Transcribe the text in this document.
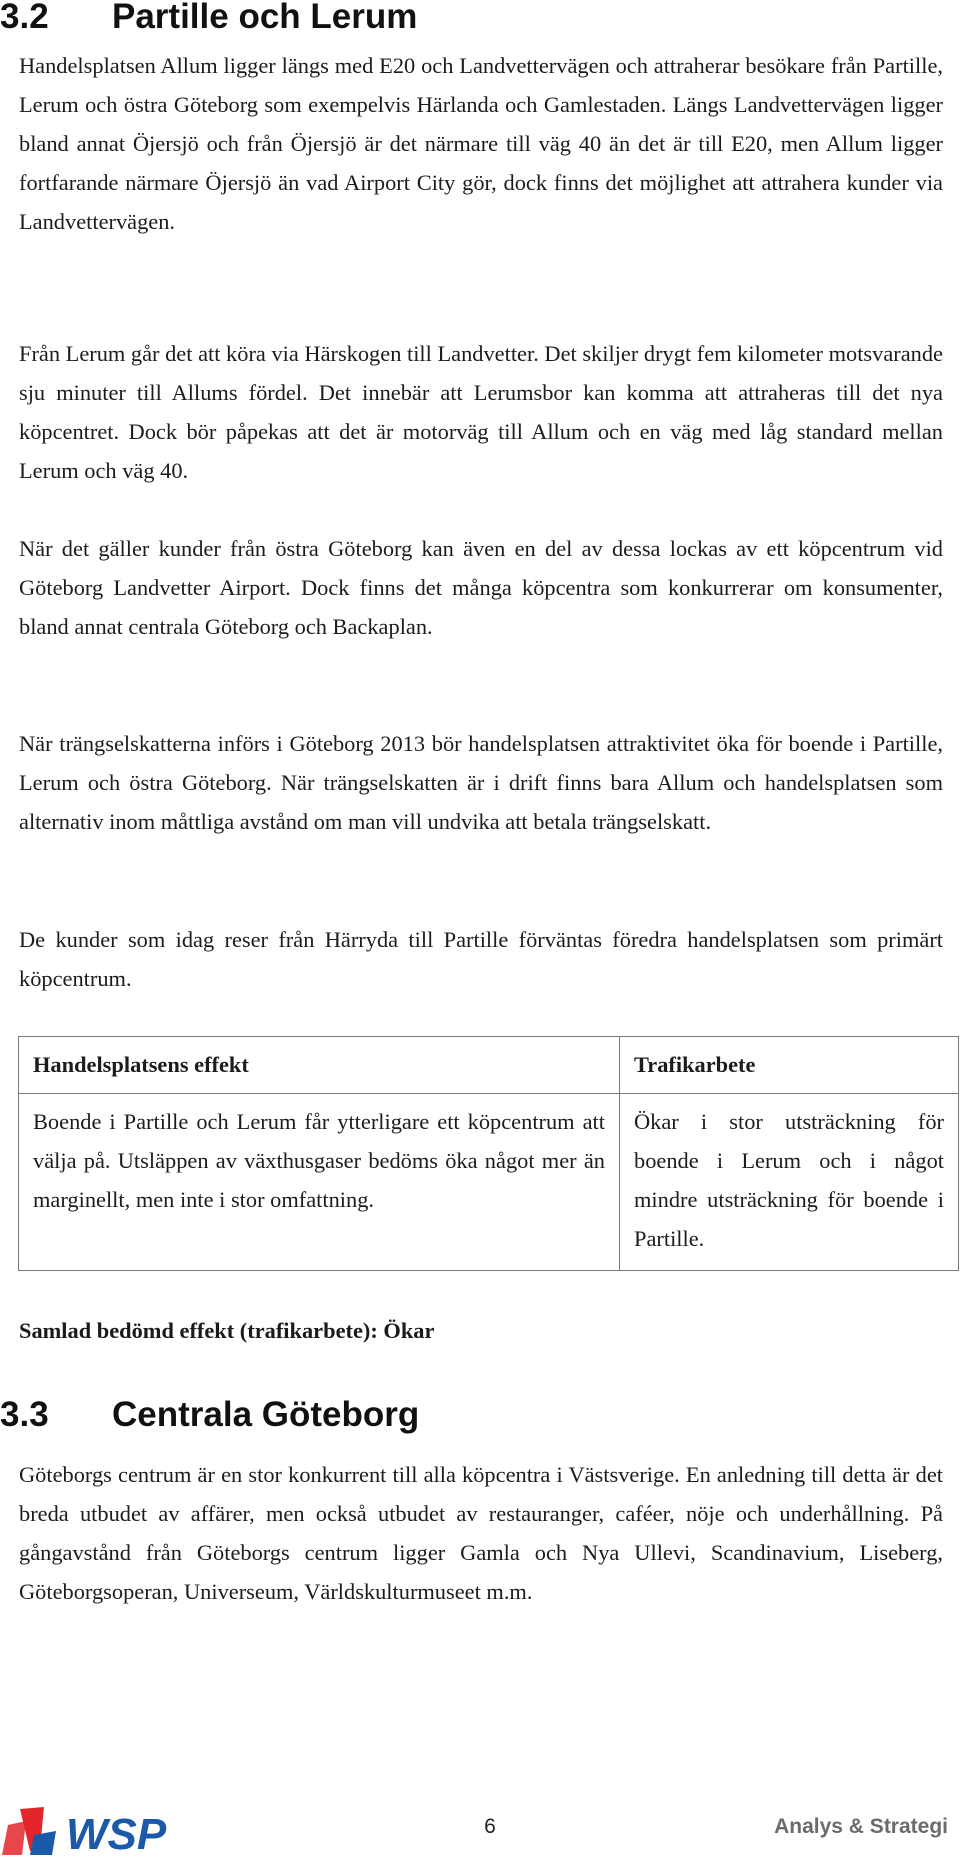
3.2 Partille och Lerum

Handelsplatsen Allum ligger längs med E20 och Landvettervägen och attraherar besökare från Partille, Lerum och östra Göteborg som exempelvis Härlanda och Gamlestaden. Längs Landvettervägen ligger bland annat Öjersjö och från Öjersjö är det närmare till väg 40 än det är till E20, men Allum ligger fortfarande närmare Öjersjö än vad Airport City gör, dock finns det möjlighet att attrahera kunder via Landvettervägen.

Från Lerum går det att köra via Härskogen till Landvetter. Det skiljer drygt fem kilometer motsvarande sju minuter till Allums fördel. Det innebär att Lerumsbor kan komma att attraheras till det nya köpcentret. Dock bör påpekas att det är motorväg till Allum och en väg med låg standard mellan Lerum och väg 40.

När det gäller kunder från östra Göteborg kan även en del av dessa lockas av ett köpcentrum vid Göteborg Landvetter Airport. Dock finns det många köpcentra som konkurrerar om konsumenter, bland annat centrala Göteborg och Backaplan.

När trängselskatterna införs i Göteborg 2013 bör handelsplatsen attraktivitet öka för boende i Partille, Lerum och östra Göteborg. När trängselskatten är i drift finns bara Allum och handelsplatsen som alternativ inom måttliga avstånd om man vill undvika att betala trängselskatt.

De kunder som idag reser från Härryda till Partille förväntas föredra handelsplatsen som primärt köpcentrum.

Handelsplatsens effekt	Trafikarbete
Boende i Partille och Lerum får ytterligare ett köpcentrum att välja på. Utsläppen av växthusgaser bedöms öka något mer än marginellt, men inte i stor omfattning.	Ökar i stor utsträckning för boende i Lerum och i något mindre utsträckning för boende i Partille.

Samlad bedömd effekt (trafikarbete): Ökar

3.3 Centrala Göteborg

Göteborgs centrum är en stor konkurrent till alla köpcentra i Västsverige. En anledning till detta är det breda utbudet av affärer, men också utbudet av restauranger, caféer, nöje och underhållning. På gångavstånd från Göteborgs centrum ligger Gamla och Nya Ullevi, Scandinavium, Liseberg, Göteborgsoperan, Universeum, Världskulturmuseet m.m.

WSP	6	Analys & Strategi
